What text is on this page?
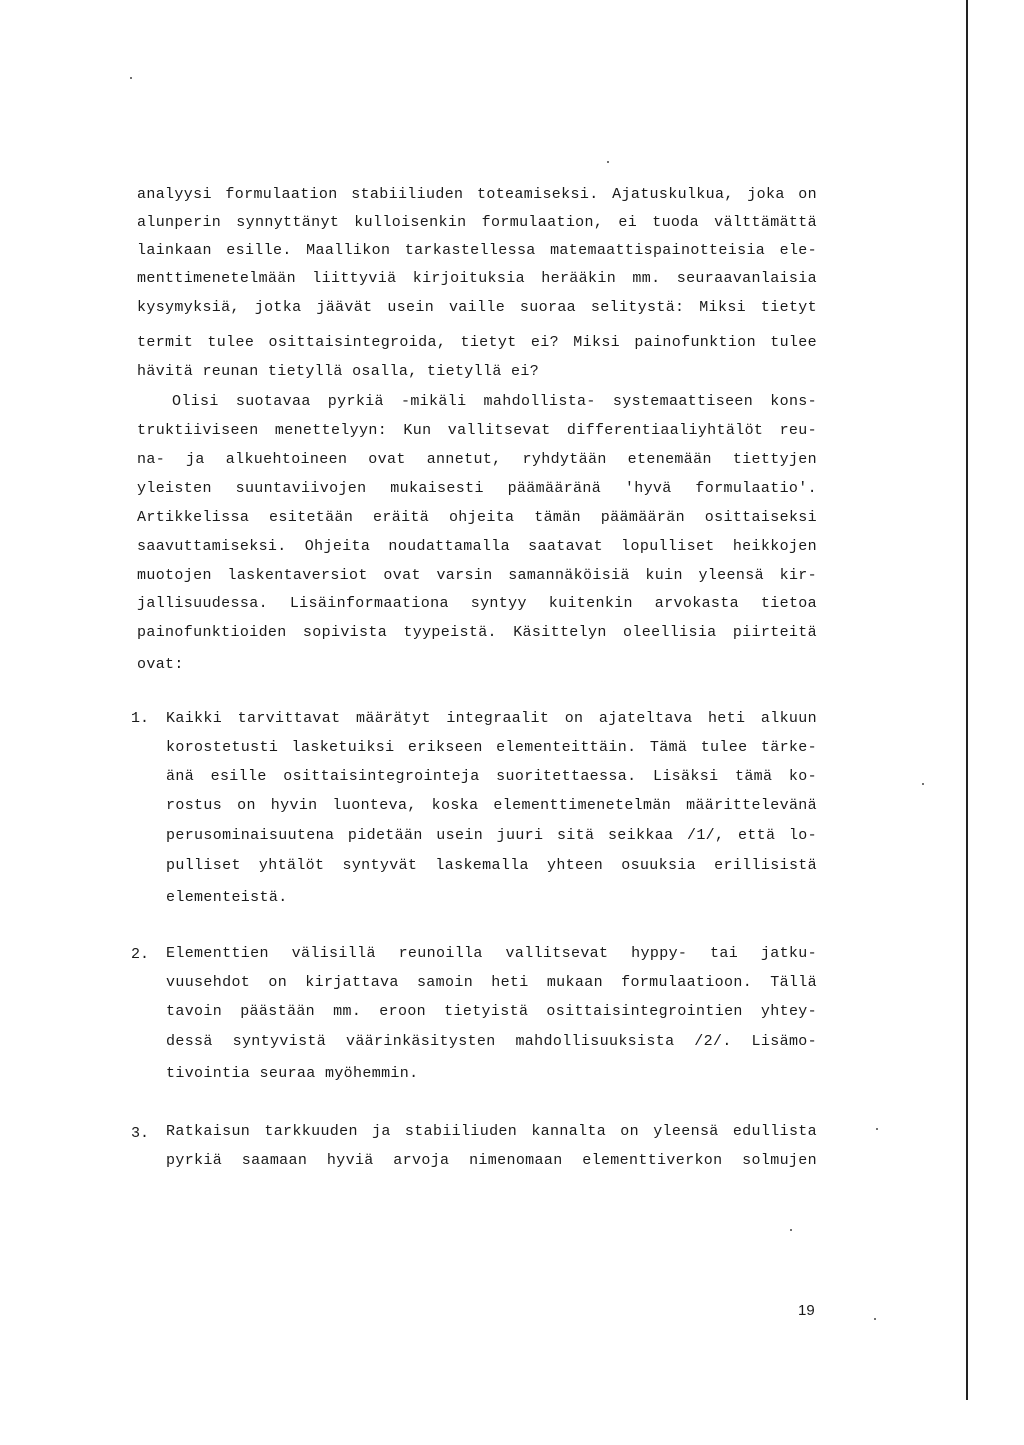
analyysi formulaation stabiiliuden toteamiseksi. Ajatuskulkua, joka on
alunperin synnyttänyt kulloisenkin formulaation, ei tuoda välttämättä
lainkaan esille. Maallikon tarkastellessa matemaattispainotteisia ele-
menttimenetelmään liittyviä kirjoituksia herääkin mm. seuraavanlaisia
kysymyksiä, jotka jäävät usein vaille suoraa selitystä: Miksi tietyt
termit tulee osittaisintegroida, tietyt ei? Miksi painofunktion tulee
hävitä reunan tietyllä osalla, tietyllä ei?
Olisi suotavaa pyrkiä -mikäli mahdollista- systemaattiseen kons-
truktiiviseen menettelyyn: Kun vallitsevat differentiaaliyhtälöt reu-
na- ja alkuehtoineen ovat annetut, ryhdytään etenemään tiettyjen
yleisten suuntaviivojen mukaisesti päämääränä 'hyvä formulaatio'.
Artikkelissa esitetään eräitä ohjeita tämän päämäärän osittaiseksi
saavuttamiseksi. Ohjeita noudattamalla saatavat lopulliset heikkojen
muotojen laskentaversiot ovat varsin samannäköisiä kuin yleensä kir-
jallisuudessa. Lisäinformaationa syntyy kuitenkin arvokasta tietoa
painofunktioiden sopivista tyypeistä. Käsittelyn oleellisia piirteitä
ovat:
1. Kaikki tarvittavat määrätyt integraalit on ajateltava heti alkuun
korostetusti lasketuiksi erikseen elementeittäin. Tämä tulee tärke-
änä esille osittaisintegrointeja suoritettaessa. Lisäksi tämä ko-
rostus on hyvin luonteva, koska elementtimenetelmän määrittelevänä
perusominaisuutena pidetään usein juuri sitä seikkaa /1/, että lo-
pulliset yhtälöt syntyvät laskemalla yhteen osuuksia erillisistä
elementeistä.
2. Elementtien välisillä reunoilla vallitsevat hyppy- tai jatku-
vuusehdot on kirjattava samoin heti mukaan formulaatioon. Tällä
tavoin päästään mm. eroon tietyistä osittaisintegrointien yhtey-
dessä syntyvistä väärinkäsitysten mahdollisuuksista /2/. Lisämo-
tivointia seuraa myöhemmin.
3. Ratkaisun tarkkuuden ja stabiiliuden kannalta on yleensä edullista
pyrkiä saamaan hyviä arvoja nimenomaan elementtiverkon solmujen
19
